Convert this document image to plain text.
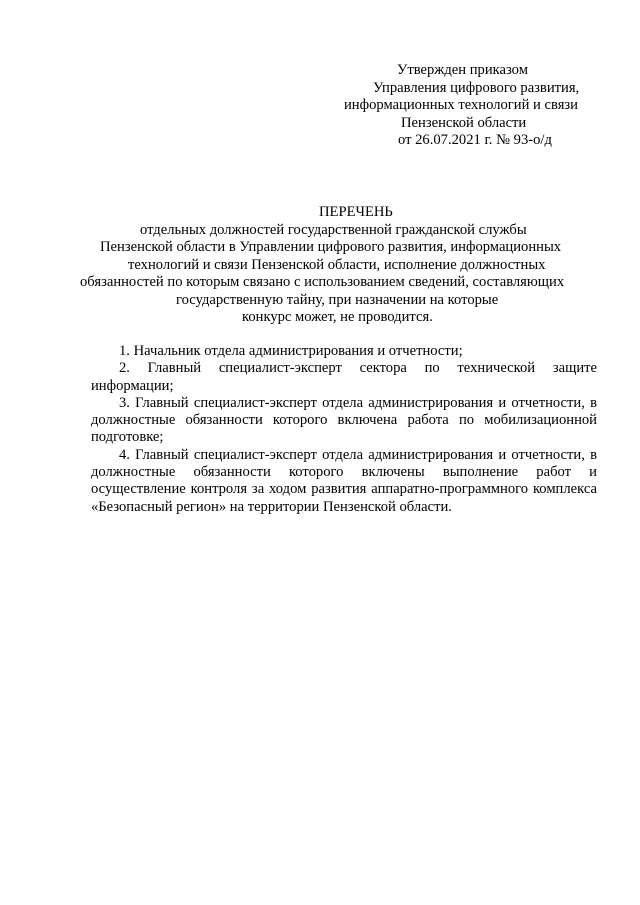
Утвержден приказом
Управления цифрового развития,
информационных технологий и связи
Пензенской области
от 26.07.2021 г. № 93-о/д
ПЕРЕЧЕНЬ
отдельных должностей государственной гражданской службы
Пензенской области в Управлении цифрового развития, информационных
технологий и связи Пензенской области, исполнение должностных
обязанностей по которым связано с использованием сведений, составляющих
государственную тайну, при назначении на которые
конкурс может, не проводится.

1. Начальник отдела администрирования и отчетности;

2. Главный специалист-эксперт сектора по технической защите информации;

3. Главный специалист-эксперт отдела администрирования и отчетности, в должностные обязанности которого включена работа по мобилизационной подготовке;

4. Главный специалист-эксперт отдела администрирования и отчетности, в должностные обязанности которого включены выполнение работ и осуществление контроля за ходом развития аппаратно-программного комплекса «Безопасный регион» на территории Пензенской области.
